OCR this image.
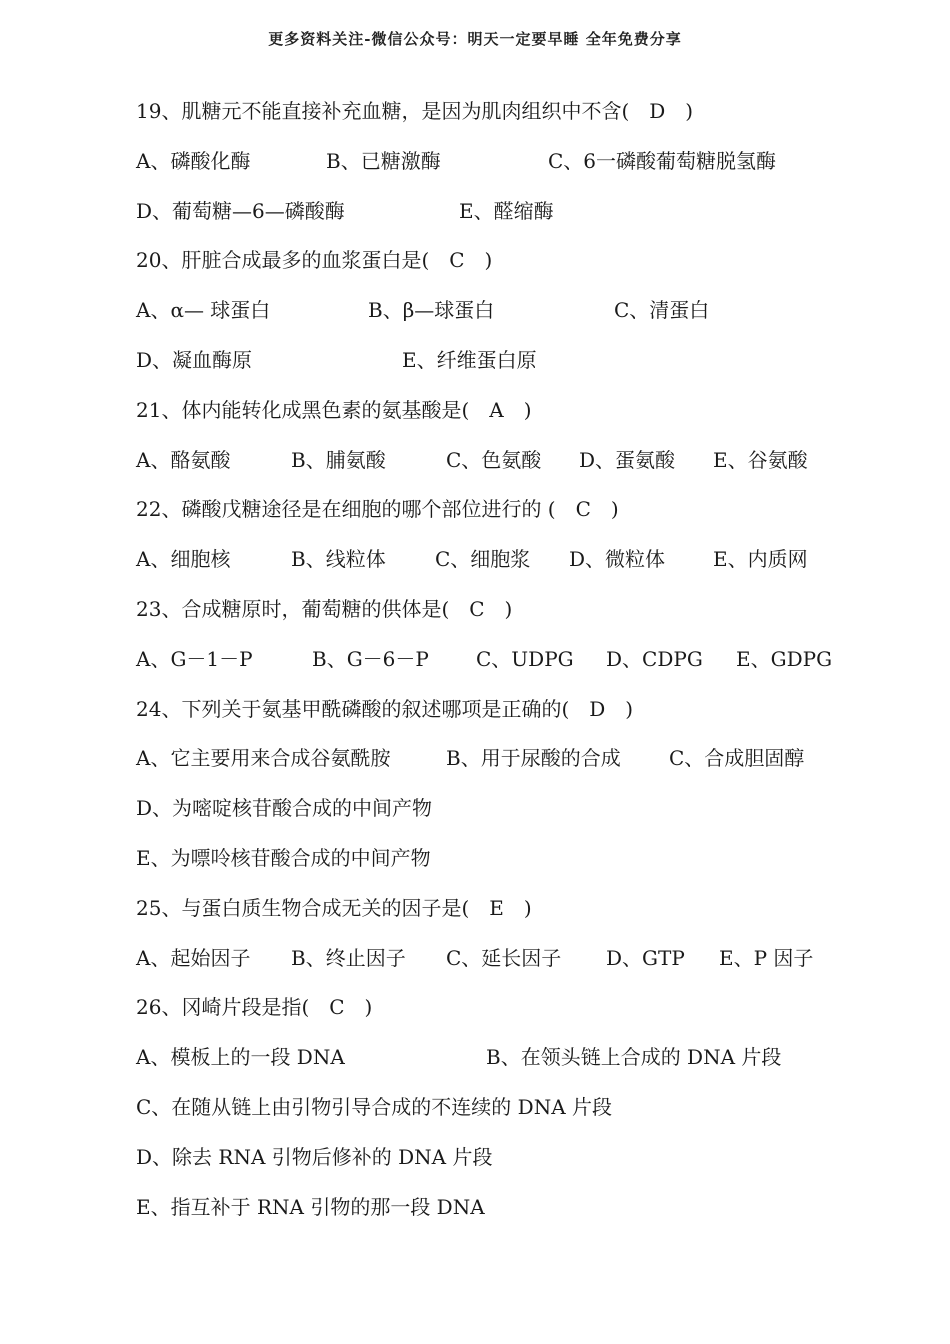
更多资料关注-微信公众号：明天一定要早睡 全年免费分享
19、肌糖元不能直接补充血糖，是因为肌肉组织中不含(　D　)
A、磷酸化酶	B、已糖激酶	C、6一磷酸葡萄糖脱氢酶
D、葡萄糖—6—磷酸酶	E、醛缩酶
20、肝脏合成最多的血浆蛋白是(　C　)
A、α— 球蛋白	B、β—球蛋白	C、清蛋白
D、凝血酶原	E、纤维蛋白原
21、体内能转化成黑色素的氨基酸是(　A　)
A、酪氨酸	B、脯氨酸	C、色氨酸 D、蛋氨酸 E、谷氨酸
22、磷酸戊糖途径是在细胞的哪个部位进行的 (　C　)
A、细胞核	B、线粒体 C、细胞浆 D、微粒体 E、内质网
23、合成糖原时，葡萄糖的供体是(　C　)
A、G－1－P	B、G－6－P C、UDPG D、CDPG E、GDPG
24、下列关于氨基甲酰磷酸的叙述哪项是正确的(　D　)
A、它主要用来合成谷氨酰胺	B、用于尿酸的合成 C、合成胆固醇
D、为嘧啶核苷酸合成的中间产物
E、为嘌呤核苷酸合成的中间产物
25、与蛋白质生物合成无关的因子是(　E　)
A、起始因子 B、终止因子 C、延长因子 D、GTP E、P 因子
26、冈崎片段是指(　C　)
A、模板上的一段 DNA	B、在领头链上合成的 DNA 片段
C、在随从链上由引物引导合成的不连续的 DNA 片段
D、除去 RNA 引物后修补的 DNA 片段
E、指互补于 RNA 引物的那一段 DNA
